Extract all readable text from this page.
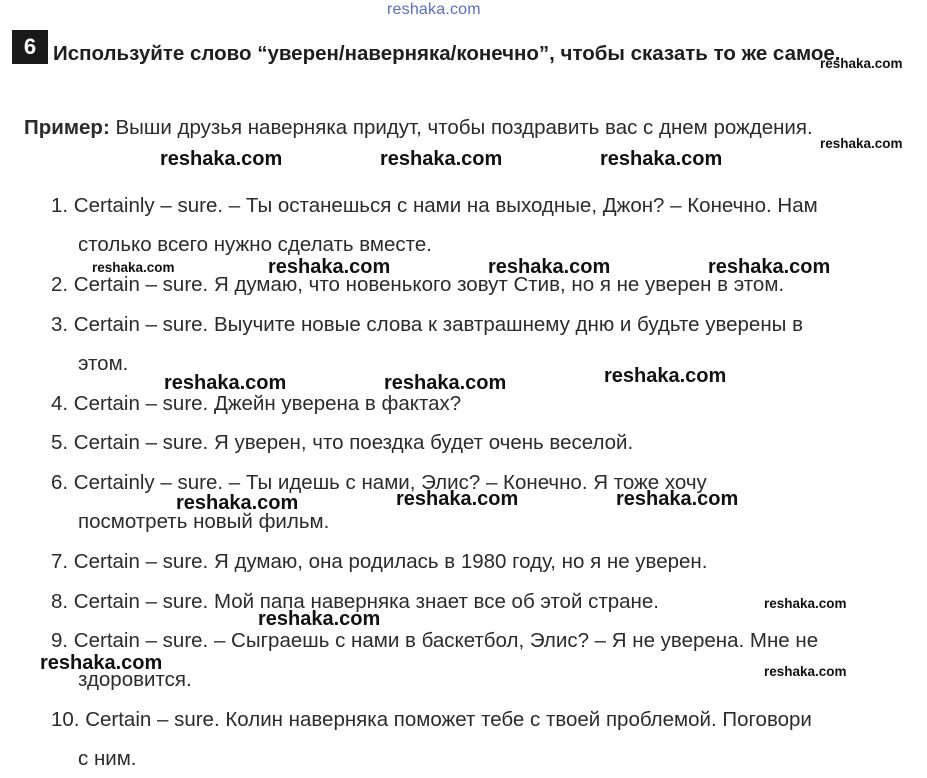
reshaka.com
6 Используйте слово “уверен/наверняка/конечно”, чтобы сказать то же самое.
Пример: Выши друзья наверняка придут, чтобы поздравить вас с днем рождения.
1. Certainly – sure. – Ты останешься с нами на выходные, Джон? – Конечно. Нам
столько всего нужно сделать вместе.
2. Certain – sure. Я думаю, что новенького зовут Стив, но я не уверен в этом.
3. Certain – sure. Выучите новые слова к завтрашнему дню и будьте уверены в
этом.
4. Certain – sure. Джейн уверена в фактах?
5. Certain – sure. Я уверен, что поездка будет очень веселой.
6. Certainly – sure. – Ты идешь с нами, Элис? – Конечно. Я тоже хочу
посмотреть новый фильм.
7. Certain – sure. Я думаю, она родилась в 1980 году, но я не уверен.
8. Certain – sure. Мой папа наверняка знает все об этой стране.
9. Certain – sure. – Сыграешь с нами в баскетбол, Элис? – Я не уверена. Мне не
здоровится.
10. Certain – sure. Колин наверняка поможет тебе с твоей проблемой. Поговори
с ним.
reshaka.com
reshaka.com
reshaka.com	reshaka.com	reshaka.com
reshaka.com	reshaka.com	reshaka.com	reshaka.com
reshaka.com	reshaka.com	reshaka.com
reshaka.com	reshaka.com	reshaka.com
reshaka.com
reshaka.com
reshaka.com	reshaka.com
